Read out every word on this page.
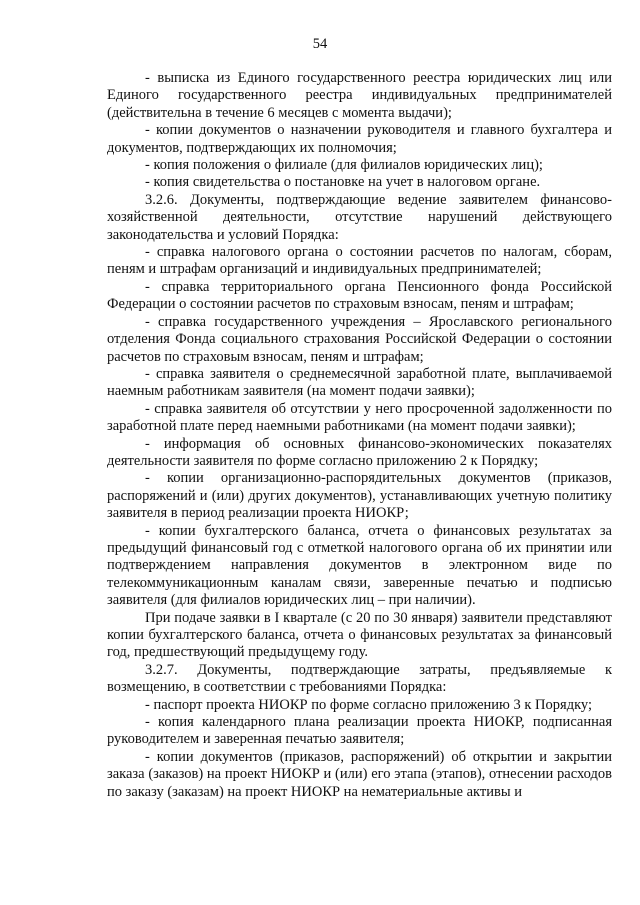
54

- выписка из Единого государственного реестра юридических лиц или Единого государственного реестра индивидуальных предпринимателей (действительна в течение 6 месяцев с момента выдачи);

- копии документов о назначении руководителя и главного бухгалтера и документов, подтверждающих их полномочия;

- копия положения о филиале (для филиалов юридических лиц);

- копия свидетельства о постановке на учет в налоговом органе.

3.2.6. Документы, подтверждающие ведение заявителем финансово-хозяйственной деятельности, отсутствие нарушений действующего законодательства и условий Порядка:

- справка налогового органа о состоянии расчетов по налогам, сборам, пеням и штрафам организаций и индивидуальных предпринимателей;

- справка территориального органа Пенсионного фонда Российской Федерации о состоянии расчетов по страховым взносам, пеням и штрафам;

- справка государственного учреждения – Ярославского регионального отделения Фонда социального страхования Российской Федерации о состоянии расчетов по страховым взносам, пеням и штрафам;

- справка заявителя о среднемесячной заработной плате, выплачиваемой наемным работникам заявителя (на момент подачи заявки);

- справка заявителя об отсутствии у него просроченной задолженности по заработной плате перед наемными работниками (на момент подачи заявки);

- информация об основных финансово-экономических показателях деятельности заявителя по форме согласно приложению 2 к Порядку;

- копии организационно-распорядительных документов (приказов, распоряжений и (или) других документов), устанавливающих учетную политику заявителя в период реализации проекта НИОКР;

- копии бухгалтерского баланса, отчета о финансовых результатах за предыдущий финансовый год с отметкой налогового органа об их принятии или подтверждением направления документов в электронном виде по телекоммуникационным каналам связи, заверенные печатью и подписью заявителя (для филиалов юридических лиц – при наличии).

При подаче заявки в I квартале (с 20 по 30 января) заявители представляют копии бухгалтерского баланса, отчета о финансовых результатах за финансовый год, предшествующий предыдущему году.

3.2.7. Документы, подтверждающие затраты, предъявляемые к возмещению, в соответствии с требованиями Порядка:

- паспорт проекта НИОКР по форме согласно приложению 3 к Порядку;

- копия календарного плана реализации проекта НИОКР, подписанная руководителем и заверенная печатью заявителя;

- копии документов (приказов, распоряжений) об открытии и закрытии заказа (заказов) на проект НИОКР и (или) его этапа (этапов), отнесении расходов по заказу (заказам) на проект НИОКР на нематериальные активы и
